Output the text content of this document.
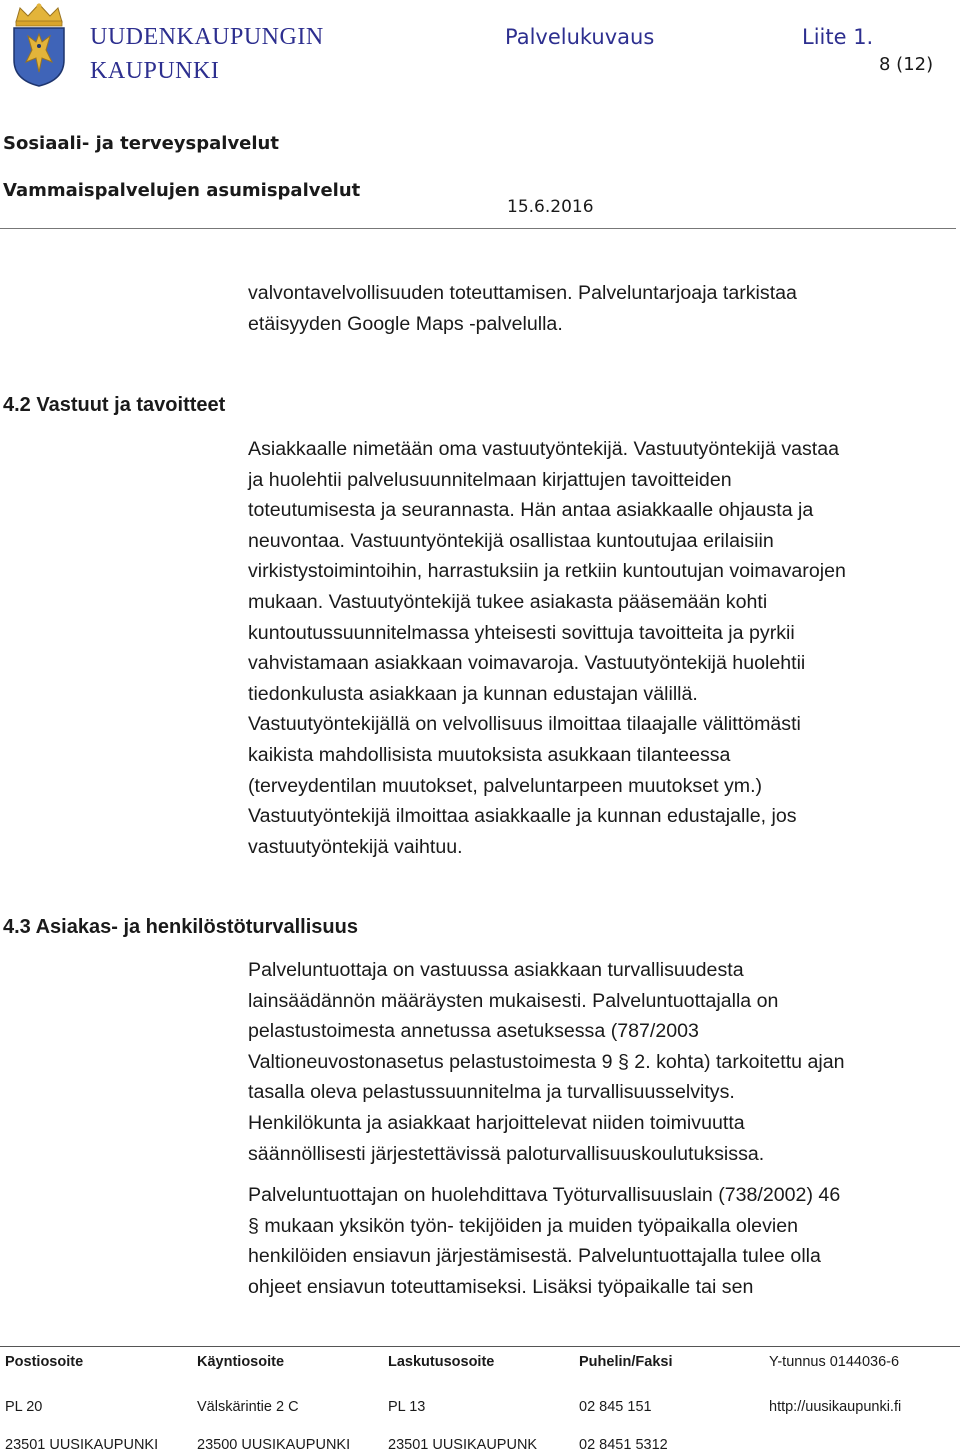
UUDENKAUPUNGIN
KAUPUNKI
Palvelukuvaus	Liite 1.
8 (12)
Sosiaali- ja terveyspalvelut
Vammaispalvelujen asumispalvelut
15.6.2016
valvontavelvollisuuden toteuttamisen. Palveluntarjoaja tarkistaa
etäisyyden Google Maps -palvelulla.
4.2 Vastuut ja tavoitteet
Asiakkaalle nimetään oma vastuutyöntekijä. Vastuutyöntekijä vastaa
ja huolehtii palvelusuunnitelmaan kirjattujen tavoitteiden
toteutumisesta ja seurannasta. Hän antaa asiakkaalle ohjausta ja
neuvontaa. Vastuuntyöntekijä osallistaa kuntoutujaa erilaisiin
virkistystoimintoihin, harrastuksiin ja retkiin kuntoutujan voimavarojen
mukaan. Vastuutyöntekijä tukee asiakasta pääsemään kohti
kuntoutussuunnitelmassa yhteisesti sovittuja tavoitteita ja pyrkii
vahvistamaan asiakkaan voimavaroja. Vastuutyöntekijä huolehtii
tiedonkulusta asiakkaan ja kunnan edustajan välillä.
Vastuutyöntekijällä on velvollisuus ilmoittaa tilaajalle välittömästi
kaikista mahdollisista muutoksista asukkaan tilanteessa
(terveydentilan muutokset, palveluntarpeen muutokset ym.)
Vastuutyöntekijä ilmoittaa asiakkaalle ja kunnan edustajalle, jos
vastuutyöntekijä vaihtuu.
4.3 Asiakas- ja henkilöstöturvallisuus
Palveluntuottaja on vastuussa asiakkaan turvallisuudesta
lainsäädännön määräysten mukaisesti. Palveluntuottajalla on
pelastustoimesta annetussa asetuksessa (787/2003
Valtioneuvostonasetus pelastustoimesta 9 § 2. kohta) tarkoitettu ajan
tasalla oleva pelastussuunnitelma ja turvallisuusselvitys.
Henkilökunta ja asiakkaat harjoittelevat niiden toimivuutta
säännöllisesti järjestettävissä paloturvallisuuskoulutuksissa.
Palveluntuottajan on huolehdittava Työturvallisuuslain (738/2002) 46
§ mukaan yksikön työn- tekijöiden ja muiden työpaikalla olevien
henkilöiden ensiavun järjestämisestä. Palveluntuottajalla tulee olla
ohjeet ensiavun toteuttamiseksi. Lisäksi työpaikalle tai sen
Postiosoite
PL 20
23501 UUSIKAUPUNKI
Käyntiosoite
Välskärintie 2 C
23500 UUSIKAUPUNKI
Laskutusosoite
PL 13
23501 UUSIKAUPUNK
Puhelin/Faksi
02 845 151
02 8451 5312
Y-tunnus 0144036-6
http://uusikaupunki.fi
